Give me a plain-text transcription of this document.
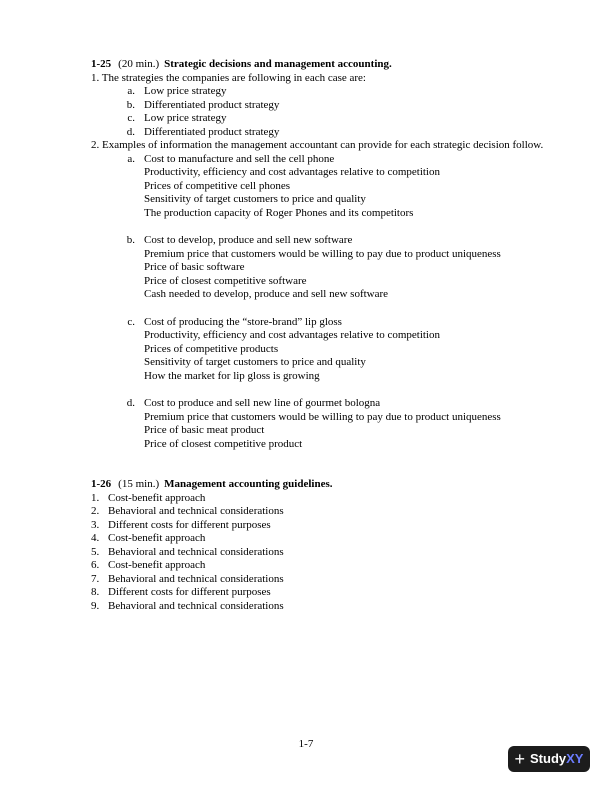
1-25 (20 min.) Strategic decisions and management accounting.

1. The strategies the companies are following in each case are:

a. Low price strategy
b. Differentiated product strategy
c. Low price strategy
d. Differentiated product strategy

2. Examples of information the management accountant can provide for each strategic decision follow.

a. Cost to manufacture and sell the cell phone
Productivity, efficiency and cost advantages relative to competition
Prices of competitive cell phones
Sensitivity of target customers to price and quality
The production capacity of Roger Phones and its competitors
b. Cost to develop, produce and sell new software
Premium price that customers would be willing to pay due to product uniqueness
Price of basic software
Price of closest competitive software
Cash needed to develop, produce and sell new software
c. Cost of producing the “store-brand” lip gloss
Productivity, efficiency and cost advantages relative to competition
Prices of competitive products
Sensitivity of target customers to price and quality
How the market for lip gloss is growing
d. Cost to produce and sell new line of gourmet bologna
Premium price that customers would be willing to pay due to product uniqueness
Price of basic meat product
Price of closest competitive product

1-26 (15 min.) Management accounting guidelines.

1. Cost-benefit approach
2. Behavioral and technical considerations
3. Different costs for different purposes
4. Cost-benefit approach
5. Behavioral and technical considerations
6. Cost-benefit approach
7. Behavioral and technical considerations
8. Different costs for different purposes
9. Behavioral and technical considerations
1-7
+ StudyXY
